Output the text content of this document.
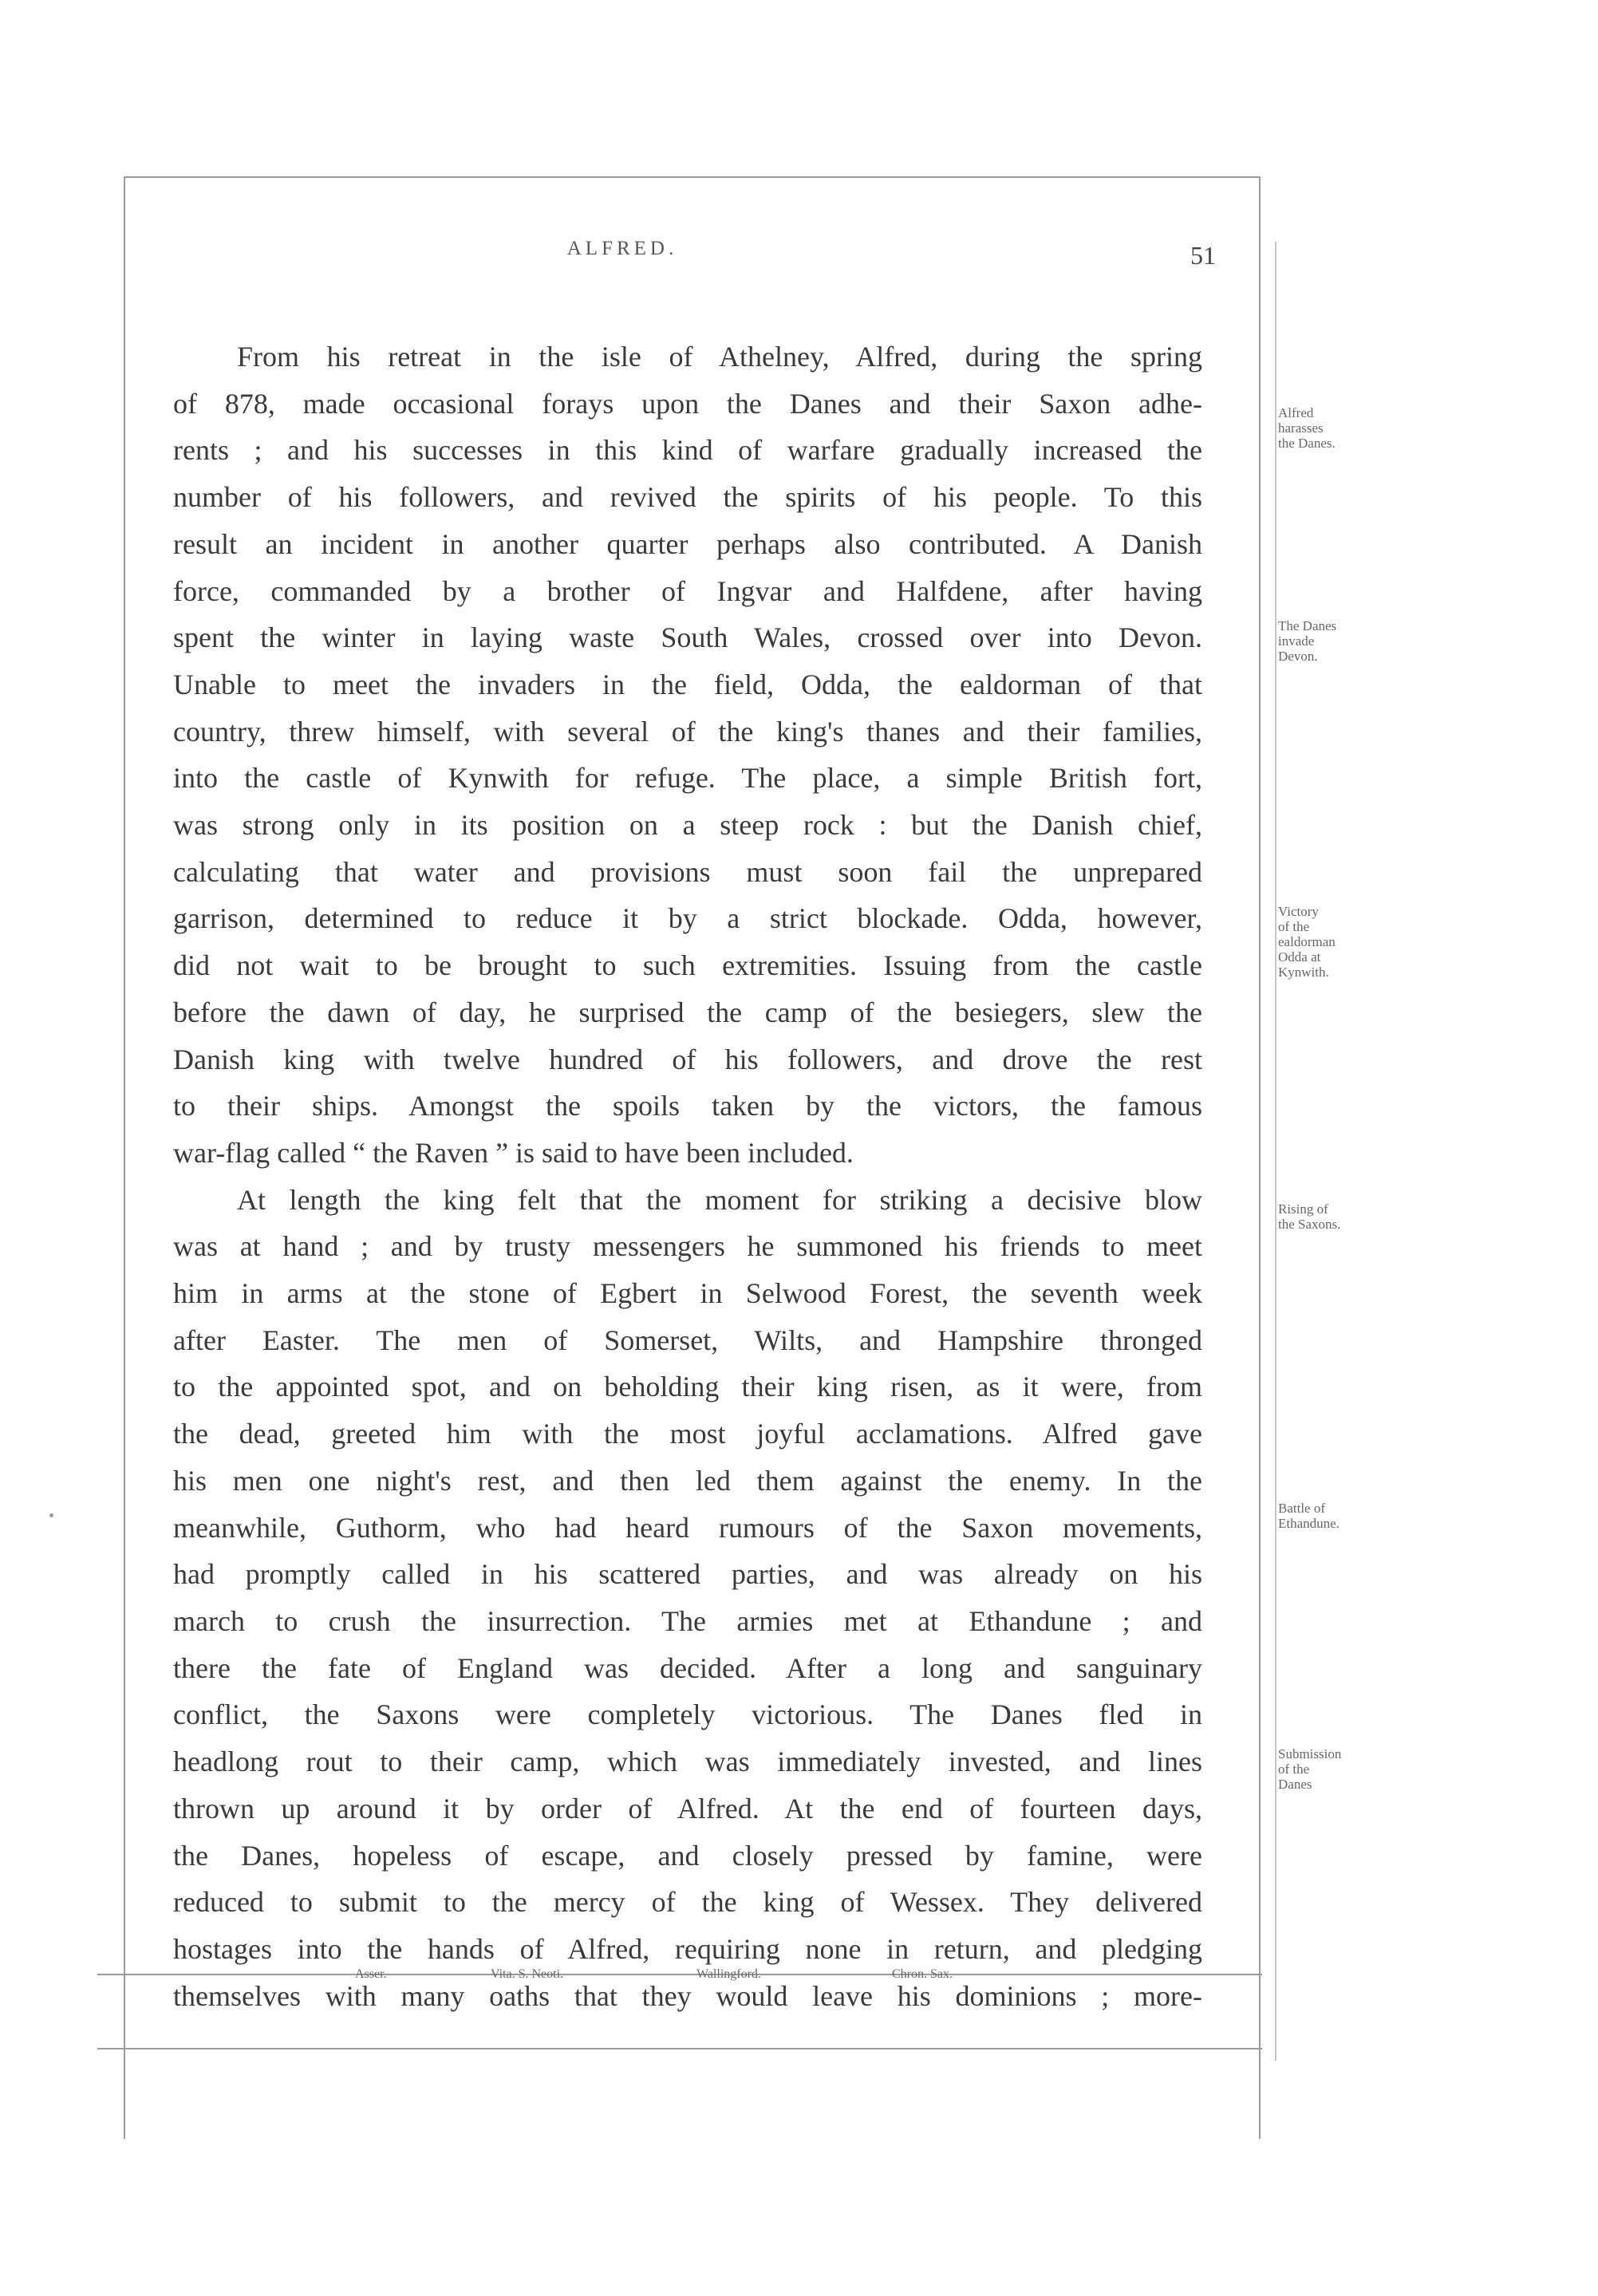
ALFRED.	51
From his retreat in the isle of Athelney, Alfred, during the spring
of 878, made occasional forays upon the Danes and their Saxon adhe-
rents ; and his successes in this kind of warfare gradually increased the
number of his followers, and revived the spirits of his people. To this
result an incident in another quarter perhaps also contributed. A Danish
force, commanded by a brother of Ingvar and Halfdene, after having
spent the winter in laying waste South Wales, crossed over into Devon.
Unable to meet the invaders in the field, Odda, the ealdorman of that
country, threw himself, with several of the king's thanes and their families,
into the castle of Kynwith for refuge. The place, a simple British fort,
was strong only in its position on a steep rock : but the Danish chief,
calculating that water and provisions must soon fail the unprepared
garrison, determined to reduce it by a strict blockade. Odda, however,
did not wait to be brought to such extremities. Issuing from the castle
before the dawn of day, he surprised the camp of the besiegers, slew the
Danish king with twelve hundred of his followers, and drove the rest
to their ships. Amongst the spoils taken by the victors, the famous
war-flag called “ the Raven ” is said to have been included.
At length the king felt that the moment for striking a decisive blow
was at hand ; and by trusty messengers he summoned his friends to meet
him in arms at the stone of Egbert in Selwood Forest, the seventh week
after Easter. The men of Somerset, Wilts, and Hampshire thronged
to the appointed spot, and on beholding their king risen, as it were, from
the dead, greeted him with the most joyful acclamations. Alfred gave
his men one night's rest, and then led them against the enemy. In the
meanwhile, Guthorm, who had heard rumours of the Saxon movements,
had promptly called in his scattered parties, and was already on his
march to crush the insurrection. The armies met at Ethandune ; and
there the fate of England was decided. After a long and sanguinary
conflict, the Saxons were completely victorious. The Danes fled in
headlong rout to their camp, which was immediately invested, and lines
thrown up around it by order of Alfred. At the end of fourteen days,
the Danes, hopeless of escape, and closely pressed by famine, were
reduced to submit to the mercy of the king of Wessex. They delivered
hostages into the hands of Alfred, requiring none in return, and pledging
themselves with many oaths that they would leave his dominions ; more-
Alfred
harasses
the Danes.
The Danes
invade
Devon.
Victory
of the
ealdorman
Odda at
Kynwith.
Rising of
the Saxons.
Battle of
Ethandune.
Submission
of the
Danes
Asser.	Vita. S. Neoti.	Wallingford.	Chron. Sax.
